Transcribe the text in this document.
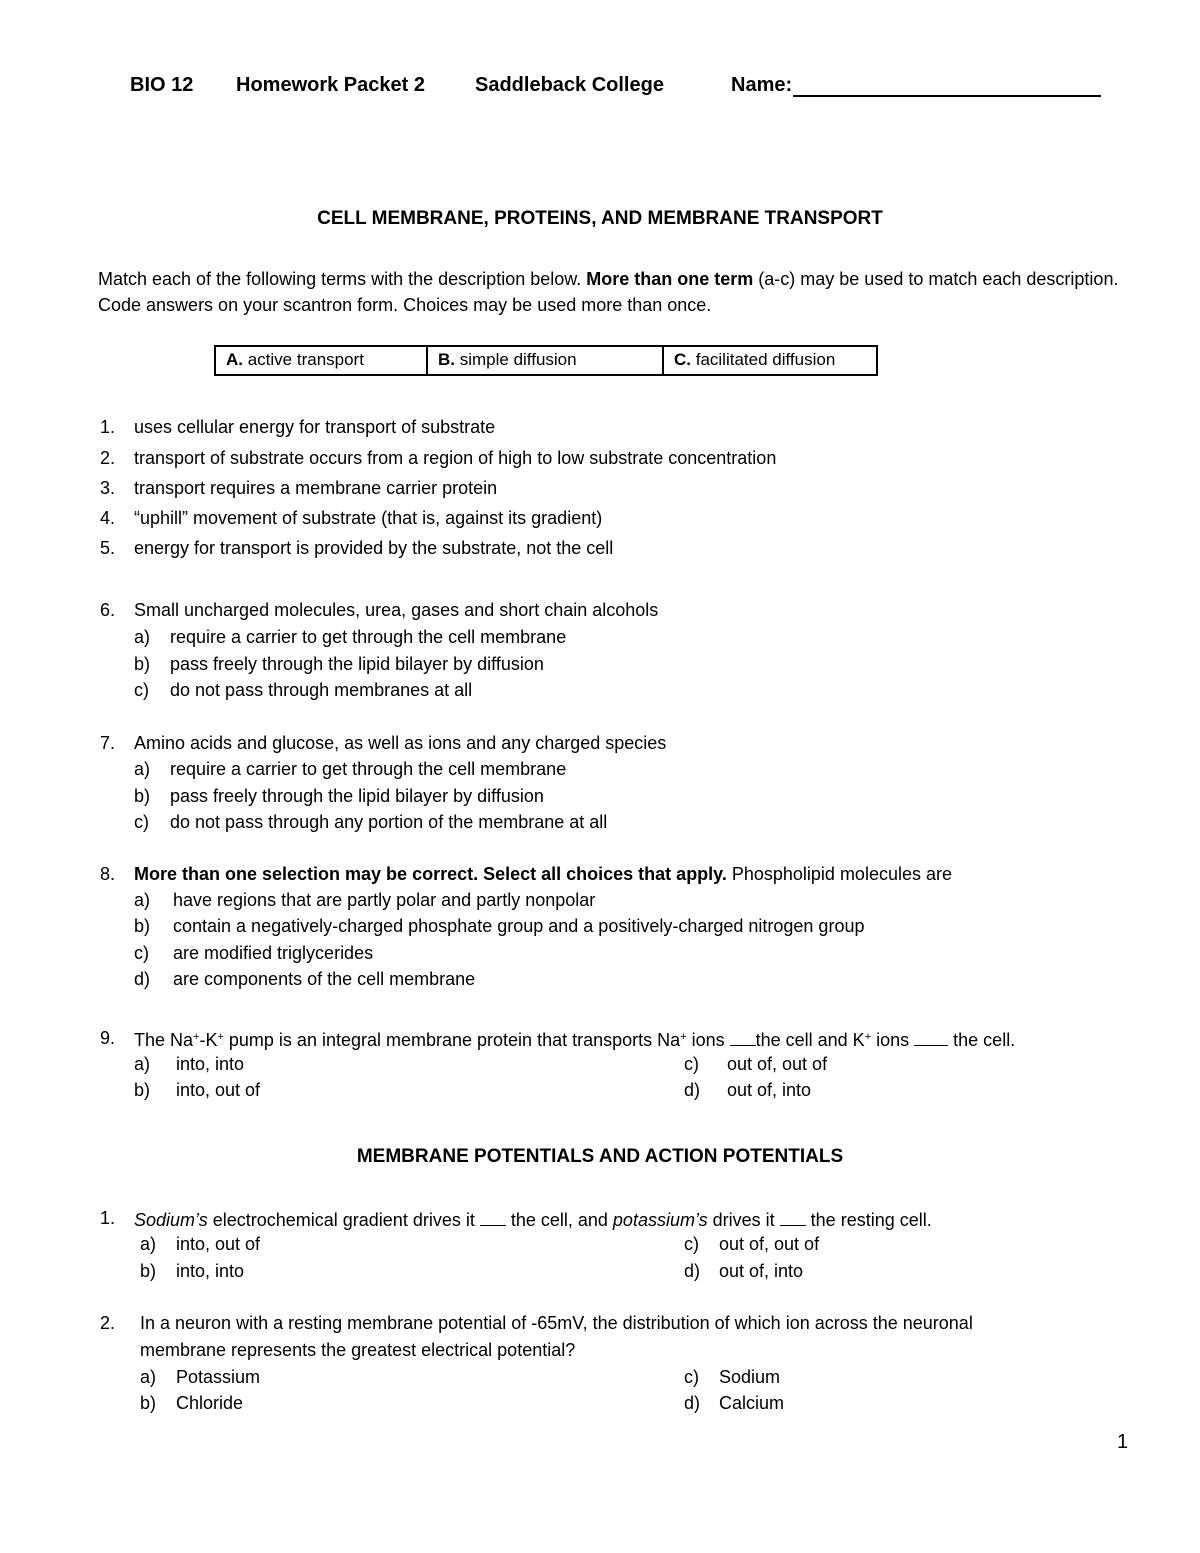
BIO 12 Homework Packet 2	Saddleback College	Name:
CELL MEMBRANE, PROTEINS, AND MEMBRANE TRANSPORT
Match each of the following terms with the description below. More than one term (a-c) may be used to match each description. Code answers on your scantron form. Choices may be used more than once.
A. active transport	B. simple diffusion	C. facilitated diffusion
1. uses cellular energy for transport of substrate
2. transport of substrate occurs from a region of high to low substrate concentration
3. transport requires a membrane carrier protein
4. “uphill” movement of substrate (that is, against its gradient)
5. energy for transport is provided by the substrate, not the cell
6. Small uncharged molecules, urea, gases and short chain alcohols
a) require a carrier to get through the cell membrane
b) pass freely through the lipid bilayer by diffusion
c) do not pass through membranes at all
7. Amino acids and glucose, as well as ions and any charged species
a) require a carrier to get through the cell membrane
b) pass freely through the lipid bilayer by diffusion
c) do not pass through any portion of the membrane at all
8. More than one selection may be correct. Select all choices that apply. Phospholipid molecules are
a) have regions that are partly polar and partly nonpolar
b) contain a negatively-charged phosphate group and a positively-charged nitrogen group
c) are modified triglycerides
d) are components of the cell membrane
9. The Na+-K+ pump is an integral membrane protein that transports Na+ ions the cell and K+ ions  the cell.
a) into, into
b) into, out of
c) out of, out of
d) out of, into
MEMBRANE POTENTIALS AND ACTION POTENTIALS
1. Sodium’s electrochemical gradient drives it  the cell, and potassium’s drives it  the resting cell.
a) into, out of
b) into, into
c) out of, out of
d) out of, into
2. In a neuron with a resting membrane potential of -65mV, the distribution of which ion across the neuronal
membrane represents the greatest electrical potential?
a) Potassium
b) Chloride
c) Sodium
d) Calcium
1
